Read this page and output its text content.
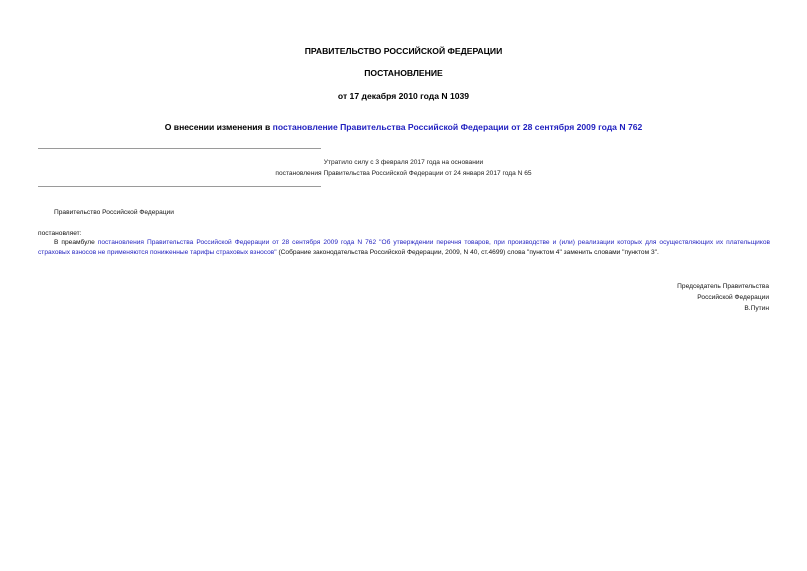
ПРАВИТЕЛЬСТВО РОССИЙСКОЙ ФЕДЕРАЦИИ
ПОСТАНОВЛЕНИЕ
от 17 декабря 2010 года N 1039
О внесении изменения в постановление Правительства Российской Федерации от 28 сентября 2009 года N 762
Утратило силу с 3 февраля 2017 года на основании
постановления Правительства Российской Федерации от 24 января 2017 года N 65
Правительство Российской Федерации
постановляет:
В преамбуле постановления Правительства Российской Федерации от 28 сентября 2009 года N 762 "Об утверждении перечня товаров, при производстве и (или) реализации которых для осуществляющих их плательщиков страховых взносов не применяются пониженные тарифы страховых взносов" (Собрание законодательства Российской Федерации, 2009, N 40, ст.4699) слова "пунктом 4" заменить словами "пунктом 3".
Председатель Правительства
Российской Федерации
В.Путин
